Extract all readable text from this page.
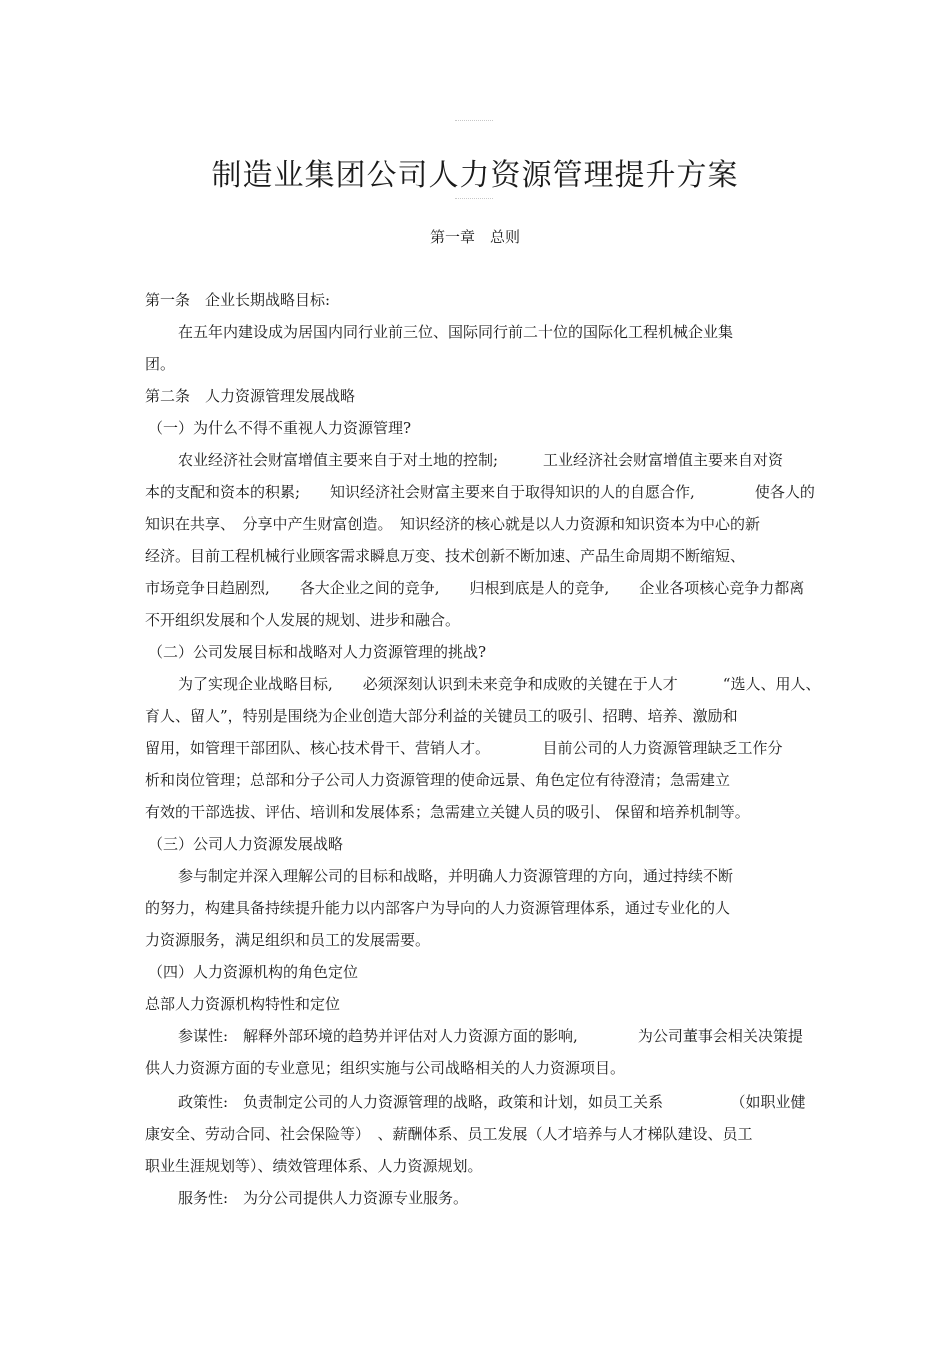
制造业集团公司人力资源管理提升方案
第一章　总则
第一条　企业长期战略目标:
在五年内建设成为居国内同行业前三位、国际同行前二十位的国际化工程机械企业集
团。
第二条　人力资源管理发展战略
（一）为什么不得不重视人力资源管理?
农业经济社会财富增值主要来自于对土地的控制;　　　工业经济社会财富增值主要来自对资
本的支配和资本的积累;　　知识经济社会财富主要来自于取得知识的人的自愿合作,　　　　使各人的
知识在共享、　分享中产生财富创造。　知识经济的核心就是以人力资源和知识资本为中心的新
经济。目前工程机械行业顾客需求瞬息万变、技术创新不断加速、产品生命周期不断缩短、
市场竞争日趋剧烈,　　各大企业之间的竞争,　　归根到底是人的竞争,　　企业各项核心竞争力都离
不开组织发展和个人发展的规划、进步和融合。
（二）公司发展目标和战略对人力资源管理的挑战?
为了实现企业战略目标,　　必须深刻认识到未来竞争和成败的关键在于人才　　　“选人、用人、
育人、留人”，特别是围绕为企业创造大部分利益的关键员工的吸引、招聘、培养、激励和
留用，如管理干部团队、核心技术骨干、营销人才。　　　　目前公司的人力资源管理缺乏工作分
析和岗位管理；总部和分子公司人力资源管理的使命远景、角色定位有待澄清；急需建立
有效的干部选拔、评估、培训和发展体系；急需建立关键人员的吸引、 保留和培养机制等。
（三）公司人力资源发展战略
参与制定并深入理解公司的目标和战略，并明确人力资源管理的方向，通过持续不断
的努力，构建具备持续提升能力以内部客户为导向的人力资源管理体系，通过专业化的人
力资源服务，满足组织和员工的发展需要。
（四）人力资源机构的角色定位
总部人力资源机构特性和定位
参谋性:　解释外部环境的趋势并评估对人力资源方面的影响,　　　　为公司董事会相关决策提
供人力资源方面的专业意见；组织实施与公司战略相关的人力资源项目。
政策性:　负责制定公司的人力资源管理的战略，政策和计划，如员工关系　　　　　（如职业健
康安全、劳动合同、社会保险等）　、薪酬体系、员工发展（人才培养与人才梯队建设、员工
职业生涯规划等）、绩效管理体系、人力资源规划。
服务性:　为分公司提供人力资源专业服务。
